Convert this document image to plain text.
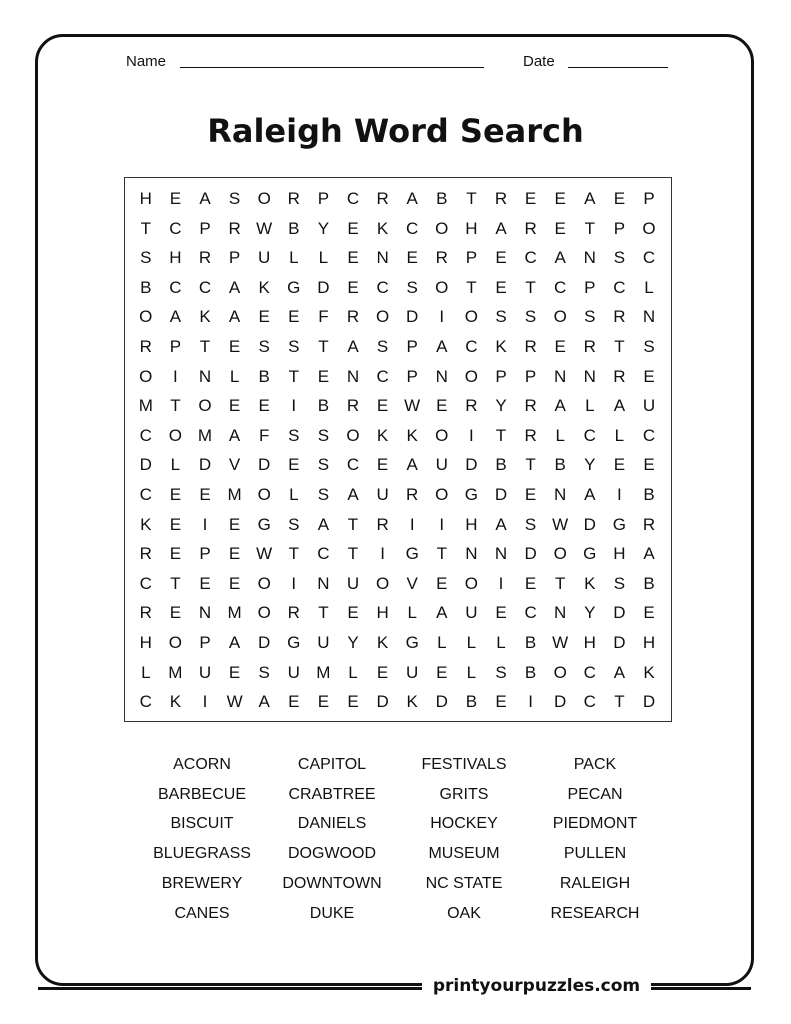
Name	Date
Raleigh Word Search
H	E	A	S	O R	P	C	R	A	B	T	R	E	E	A	E	P
T	C	P	R W B	Y	E	K	C O H	A	R	E	T	P	O
S	H	R	P	U	L	L	E	N	E	R	P	E	C	A	N	S	C
B	C	C	A	K	G D	E	C	S	O	T	E	T	C	P	C	L
O	A	K	A	E	E	F	R O D	I	O	S	S	O	S	R	N
R	P	T	E	S	S	T	A	S	P	A	C	K	R	E	R	T	S
O	I	N	L	B	T	E	N	C	P	N O	P	P	N	N	R	E
M	T	O	E	E	I	B	R	E W E	R	Y	R	A	L	A	U
C O M A	F	S	S	O	K	K	O	I	T	R	L	C	L	C
D	L	D	V	D	E	S	C	E	A	U	D	B	T	B	Y	E	E
C	E	E M O	L	S	A	U	R O G D	E	N	A	I	B
K	E	I	E	G	S	A	T	R	I	I	H	A	S W D G R
R	E	P	E W T	C	T	I	G	T	N	N	D O G H	A
C	T	E	E	O	I	N	U O	V	E	O	I	E	T	K	S	B
R	E	N M O R	T	E	H	L	A	U	E	C	N	Y	D	E
H O	P	A	D G U	Y	K	G	L	L	L	B W H	D	H
L	M U	E	S	U M	L	E	U	E	L	S	B	O C	A	K
C	K	I	W A	E	E	E	D	K	D	B	E	I	D	C	T	D
ACORN	CAPITOL	FESTIVALS	PACK
BARBECUE	CRABTREE	GRITS	PECAN
BISCUIT	DANIELS	HOCKEY	PIEDMONT
BLUEGRASS	DOGWOOD	MUSEUM	PULLEN
BREWERY	DOWNTOWN	NC STATE	RALEIGH
CANES	DUKE	OAK	RESEARCH
printyourpuzzles.com
